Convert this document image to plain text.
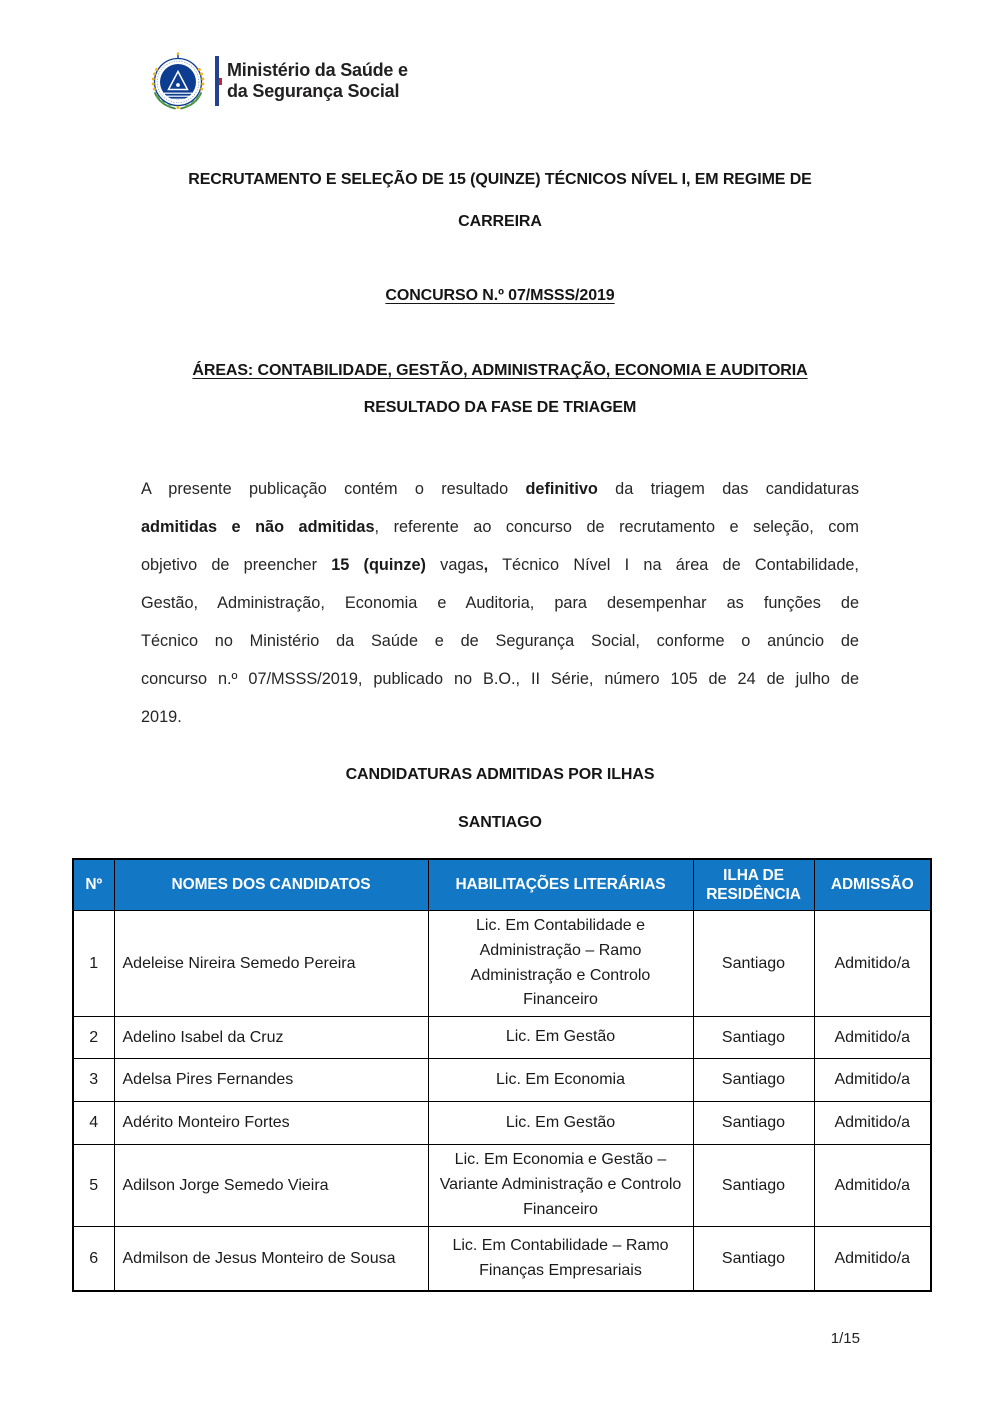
Ministério da Saúde e
da Segurança Social
RECRUTAMENTO E SELEÇÃO DE 15 (QUINZE) TÉCNICOS NÍVEL I, EM REGIME DE
CARREIRA
CONCURSO N.º 07/MSSS/2019
ÁREAS: CONTABILIDADE, GESTÃO, ADMINISTRAÇÃO, ECONOMIA E AUDITORIA
RESULTADO DA FASE DE TRIAGEM
A presente publicação contém o resultado definitivo da triagem das candidaturas
admitidas e não admitidas, referente ao concurso de recrutamento e seleção, com
objetivo de preencher 15 (quinze) vagas, Técnico Nível I na área de Contabilidade,
Gestão, Administração, Economia e Auditoria, para desempenhar as funções de
Técnico no Ministério da Saúde e de Segurança Social, conforme o anúncio de
concurso n.º 07/MSSS/2019, publicado no B.O., II Série, número 105 de 24 de julho de
2019.
CANDIDATURAS ADMITIDAS POR ILHAS
SANTIAGO
Nº	NOMES DOS CANDIDATOS	HABILITAÇÕES LITERÁRIAS	ILHA DE RESIDÊNCIA	ADMISSÃO
1	Adeleise Nireira Semedo Pereira	Lic. Em Contabilidade e Administração – Ramo Administração e Controlo Financeiro	Santiago	Admitido/a
2	Adelino Isabel da Cruz	Lic. Em Gestão	Santiago	Admitido/a
3	Adelsa Pires Fernandes	Lic. Em Economia	Santiago	Admitido/a
4	Adérito Monteiro Fortes	Lic. Em Gestão	Santiago	Admitido/a
5	Adilson Jorge Semedo Vieira	Lic. Em Economia e Gestão – Variante Administração e Controlo Financeiro	Santiago	Admitido/a
6	Admilson de Jesus Monteiro de Sousa	Lic. Em Contabilidade – Ramo Finanças Empresariais	Santiago	Admitido/a
1/15
